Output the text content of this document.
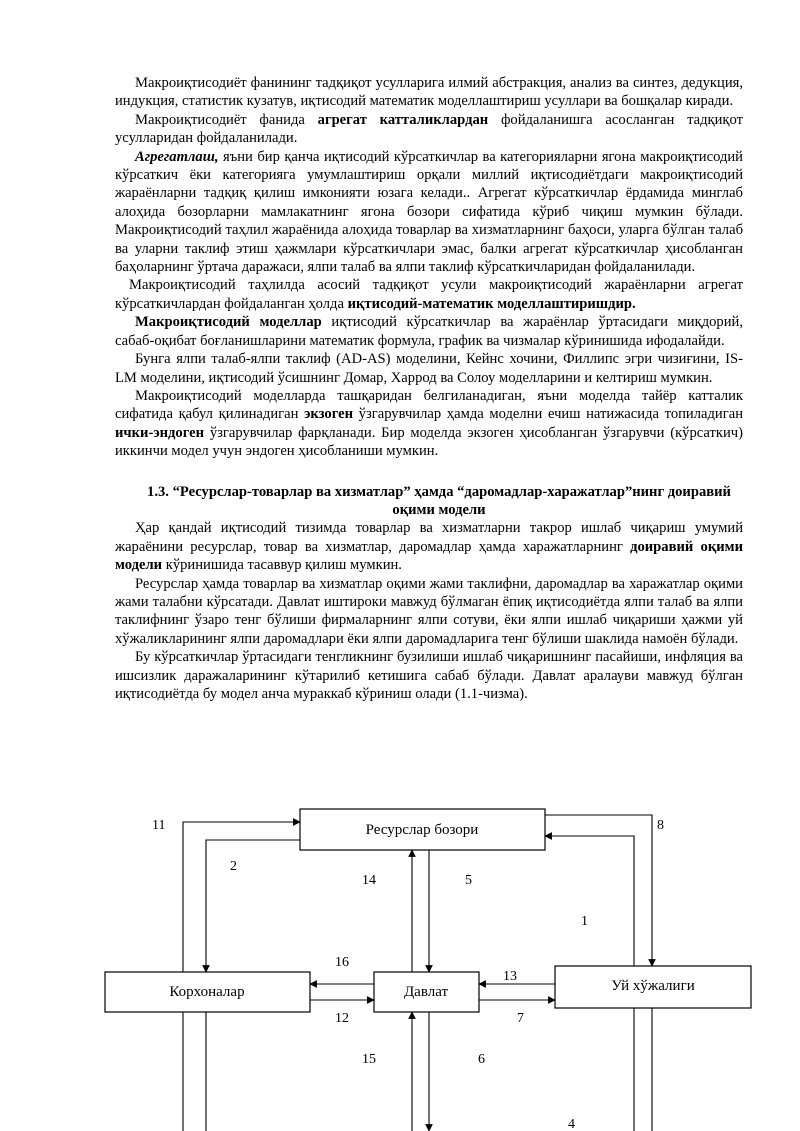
Макроиқтисодиёт фанининг тадқиқот усулларига илмий абстракция, анализ ва синтез, дедукция, индукция, статистик кузатув, иқтисодий математик моделлаштириш усуллари ва бошқалар киради.

Макроиқтисодиёт фанида агрегат катталиклардан фойдаланишга асосланган тадқиқот усулларидан фойдаланилади.

Агрегатлаш, яъни бир қанча иқтисодий кўрсаткичлар ва категорияларни ягона макроиқтисодий кўрсаткич ёки категорияга умумлаштириш орқали миллий иқтисодиётдаги макроиқтисодий жараёнларни тадқиқ қилиш имконияти юзага келади.. Агрегат кўрсаткичлар ёрдамида минглаб алоҳида бозорларни мамлакатнинг ягона бозори сифатида кўриб чиқиш мумкин бўлади. Макроиқтисодий таҳлил жараёнида алоҳида товарлар ва хизматларнинг баҳоси, уларга бўлган талаб ва уларни таклиф этиш ҳажмлари кўрсаткичлари эмас, балки агрегат кўрсаткичлар ҳисобланган баҳоларнинг ўртача даражаси, ялпи талаб ва ялпи таклиф кўрсаткичларидан фойдаланилади.

Макроиқтисодий таҳлилда асосий тадқиқот усули макроиқтисодий жараёнларни агрегат кўрсаткичлардан фойдаланган ҳолда иқтисодий-математик моделлаштиришдир.

Макроиқтисодий моделлар иқтисодий кўрсаткичлар ва жараёнлар ўртасидаги миқдорий, сабаб-оқибат боғланишларини математик формула, график ва чизмалар кўринишида ифодалайди.

Бунга ялпи талаб-ялпи таклиф (AD-AS) моделини, Кейнс хочини, Филлипс эгри чизиғини, IS-LM моделини, иқтисодий ўсишнинг Домар, Харрод ва Солоу моделларини и келтириш мумкин.

Макроиқтисодий моделларда ташқаридан белгиланадиган, яъни моделда тайёр катталик сифатида қабул қилинадиган экзоген ўзгарувчилар ҳамда моделни ечиш натижасида топиладиган ички-эндоген ўзгарувчилар фарқланади. Бир моделда экзоген ҳисобланган ўзгарувчи (кўрсаткич) иккинчи модел учун эндоген ҳисобланиши мумкин.

1.3. “Ресурслар-товарлар ва хизматлар” ҳамда “даромадлар-харажатлар”нинг доиравий оқими модели

Ҳар қандай иқтисодий тизимда товарлар ва хизматларни такрор ишлаб чиқариш умумий жараёнини ресурслар, товар ва хизматлар, даромадлар ҳамда харажатларнинг доиравий оқими модели кўринишида тасаввур қилиш мумкин.

Ресурслар ҳамда товарлар ва хизматлар оқими жами таклифни, даромадлар ва харажатлар оқими жами талабни кўрсатади. Давлат иштироки мавжуд бўлмаган ёпиқ иқтисодиётда ялпи талаб ва ялпи таклифнинг ўзаро тенг бўлиши фирмаларнинг ялпи сотуви, ёки ялпи ишлаб чиқариши ҳажми уй хўжаликларининг ялпи даромадлари ёки ялпи даромадларига тенг бўлиши шаклида намоён бўлади.

Бу кўрсаткичлар ўртасидаги тенгликнинг бузилиши ишлаб чиқаришнинг пасайиши, инфляция ва ишсизлик даражаларининг кўтарилиб кетишига сабаб бўлади. Давлат аралауви мавжуд бўлган иқтисодиётда бу модел анча мураккаб кўриниш олади (1.1-чизма).

Ресурслар бозори
Корхоналар	Давлат	Уй хўжалиги
11	8
2
14	5
1
16
13
12	7
15	6
4
